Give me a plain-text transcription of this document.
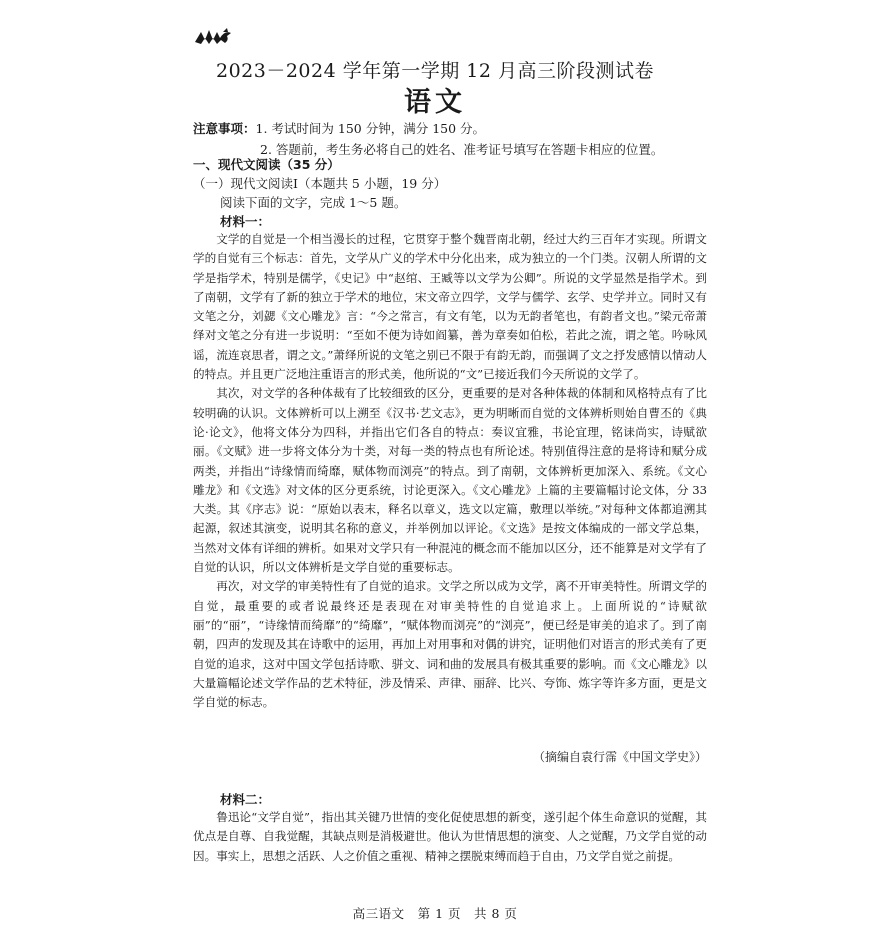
2023－2024 学年第一学期 12 月高三阶段测试卷
语文
注意事项：1. 考试时间为 150 分钟，满分 150 分。
2. 答题前，考生务必将自己的姓名、准考证号填写在答题卡相应的位置。
一、现代文阅读（35 分）
（一）现代文阅读Ⅰ（本题共 5 小题，19 分）
阅读下面的文字，完成 1～5 题。
材料一：

文学的自觉是一个相当漫长的过程，它贯穿于整个魏晋南北朝，经过大约三百年才实现。所谓文学的自觉有三个标志：首先，文学从广义的学术中分化出来，成为独立的一个门类。汉朝人所谓的文学是指学术，特别是儒学，《史记》中“赵绾、王臧等以文学为公卿”。所说的文学显然是指学术。到了南朝，文学有了新的独立于学术的地位，宋文帝立四学，文学与儒学、玄学、史学并立。同时又有文笔之分，刘勰《文心雕龙》言：“今之常言，有文有笔，以为无韵者笔也，有韵者文也。”梁元帝萧绎对文笔之分有进一步说明：“至如不便为诗如阎纂，善为章奏如伯松，若此之流，谓之笔。吟咏风谣，流连哀思者，谓之文。”萧绎所说的文笔之别已不限于有韵无韵，而强调了文之抒发感情以情动人的特点。并且更广泛地注重语言的形式美，他所说的“文”已接近我们今天所说的文学了。

其次，对文学的各种体裁有了比较细致的区分，更重要的是对各种体裁的体制和风格特点有了比较明确的认识。文体辨析可以上溯至《汉书·艺文志》，更为明晰而自觉的文体辨析则始自曹丕的《典论·论文》，他将文体分为四科，并指出它们各自的特点：奏议宜雅，书论宜理，铭诔尚实，诗赋欲丽。《文赋》进一步将文体分为十类，对每一类的特点也有所论述。特别值得注意的是将诗和赋分成两类，并指出“诗缘情而绮靡，赋体物而浏亮”的特点。到了南朝，文体辨析更加深入、系统。《文心雕龙》和《文选》对文体的区分更系统，讨论更深入。《文心雕龙》上篇的主要篇幅讨论文体，分 33 大类。其《序志》说：“原始以表末，释名以章义，选文以定篇，敷理以举统。”对每种文体都追溯其起源，叙述其演变，说明其名称的意义，并举例加以评论。《文选》是按文体编成的一部文学总集，当然对文体有详细的辨析。如果对文学只有一种混沌的概念而不能加以区分，还不能算是对文学有了自觉的认识，所以文体辨析是文学自觉的重要标志。

再次，对文学的审美特性有了自觉的追求。文学之所以成为文学，离不开审美特性。所谓文学的自觉，最重要的或者说最终还是表现在对审美特性的自觉追求上。上面所说的“诗赋欲丽”的“丽”，“诗缘情而绮靡”的“绮靡”，“赋体物而浏亮”的“浏亮”，便已经是审美的追求了。到了南朝，四声的发现及其在诗歌中的运用，再加上对用事和对偶的讲究，证明他们对语言的形式美有了更自觉的追求，这对中国文学包括诗歌、骈文、词和曲的发展具有极其重要的影响。而《文心雕龙》以大量篇幅论述文学作品的艺术特征，涉及情采、声律、丽辞、比兴、夸饰、炼字等许多方面，更是文学自觉的标志。

（摘编自袁行霈《中国文学史》）
材料二：

鲁迅论“文学自觉”，指出其关键乃世情的变化促使思想的新变，遂引起个体生命意识的觉醒，其优点是自尊、自我觉醒，其缺点则是消极避世。他认为世情思想的演变、人之觉醒，乃文学自觉的动因。事实上，思想之活跃、人之价值之重视、精神之摆脱束缚而趋于自由，乃文学自觉之前提。

高三语文　第 1 页　共 8 页
